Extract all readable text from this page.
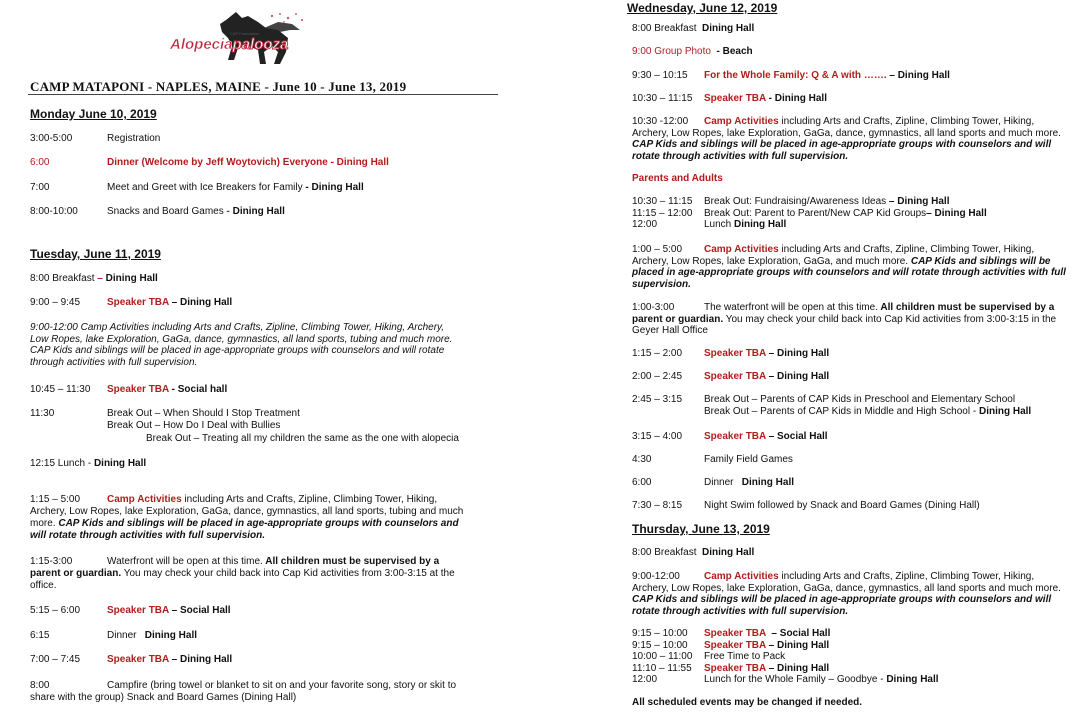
CAP Foundation
Alopeciapalooza
CAMP MATAPONI - NAPLES, MAINE - June 10 - June 13, 2019
Monday June 10, 2019
3:00-5:00	Registration
6:00	Dinner (Welcome by Jeff Woytovich) Everyone - Dining Hall
7:00	Meet and Greet with Ice Breakers for Family - Dining Hall
8:00-10:00	Snacks and Board Games - Dining Hall
Tuesday, June 11, 2019
8:00 Breakfast – Dining Hall
9:00 – 9:45	Speaker TBA – Dining Hall
9:00-12:00 Camp Activities including Arts and Crafts, Zipline, Climbing Tower, Hiking, Archery,
Low Ropes, lake Exploration, GaGa, dance, gymnastics, all land sports, tubing and much more.
CAP Kids and siblings will be placed in age-appropriate groups with counselors and will rotate
through activities with full supervision.
10:45 – 11:30 Speaker TBA - Social hall
11:30	Break Out – When Should I Stop Treatment
Break Out – How Do I Deal with Bullies
Break Out – Treating all my children the same as the one with alopecia
12:15 Lunch - Dining Hall
1:15 – 5:00	Camp Activities including Arts and Crafts, Zipline, Climbing Tower, Hiking,
Archery, Low Ropes, lake Exploration, GaGa, dance, gymnastics, all land sports, tubing and much
more. CAP Kids and siblings will be placed in age-appropriate groups with counselors and
will rotate through activities with full supervision.
1:15-3:00	Waterfront will be open at this time. All children must be supervised by a
parent or guardian. You may check your child back into Cap Kid activities from 3:00-3:15 at the
office.
5:15 – 6:00	Speaker TBA – Social Hall
6:15	Dinner   Dining Hall
7:00 – 7:45	Speaker TBA – Dining Hall
8:00	Campfire (bring towel or blanket to sit on and your favorite song, story or skit to
share with the group) Snack and Board Games (Dining Hall)
Wednesday, June 12, 2019
8:00 Breakfast  Dining Hall
9:00 Group Photo  - Beach
9:30 – 10:15 For the Whole Family: Q & A with ……. – Dining Hall
10:30 – 11:15 Speaker TBA - Dining Hall
10:30 -12:00 Camp Activities including Arts and Crafts, Zipline, Climbing Tower, Hiking,
Archery, Low Ropes, lake Exploration, GaGa, dance, gymnastics, all land sports and much more.
CAP Kids and siblings will be placed in age-appropriate groups with counselors and will
rotate through activities with full supervision.
Parents and Adults
10:30 – 11:15 Break Out: Fundraising/Awareness Ideas – Dining Hall
11:15 – 12:00 Break Out: Parent to Parent/New CAP Kid Groups– Dining Hall
12:00	Lunch Dining Hall
1:00 – 5:00 Camp Activities including Arts and Crafts, Zipline, Climbing Tower, Hiking,
Archery, Low Ropes, lake Exploration, GaGa, and much more. CAP Kids and siblings will be
placed in age-appropriate groups with counselors and will rotate through activities with full
supervision.
1:00-3:00	The waterfront will be open at this time. All children must be supervised by a
parent or guardian. You may check your child back into Cap Kid activities from 3:00-3:15 in the
Geyer Hall Office
1:15 – 2:00 Speaker TBA – Dining Hall
2:00 – 2:45 Speaker TBA – Dining Hall
2:45 – 3:15 Break Out – Parents of CAP Kids in Preschool and Elementary School
Break Out – Parents of CAP Kids in Middle and High School - Dining Hall
3:15 – 4:00 Speaker TBA – Social Hall
4:30	Family Field Games
6:00	Dinner   Dining Hall
7:30 – 8:15 Night Swim followed by Snack and Board Games (Dining Hall)
Thursday, June 13, 2019
8:00 Breakfast  Dining Hall
9:00-12:00 Camp Activities including Arts and Crafts, Zipline, Climbing Tower, Hiking,
Archery, Low Ropes, lake Exploration, GaGa, dance, gymnastics, all land sports and much more.
CAP Kids and siblings will be placed in age-appropriate groups with counselors and will
rotate through activities with full supervision.
9:15 – 10:00 Speaker TBA  – Social Hall
9:15 – 10:00 Speaker TBA – Dining Hall
10:00 – 11:00 Free Time to Pack
11:10 – 11:55 Speaker TBA – Dining Hall
12:00	Lunch for the Whole Family – Goodbye - Dining Hall
All scheduled events may be changed if needed.
